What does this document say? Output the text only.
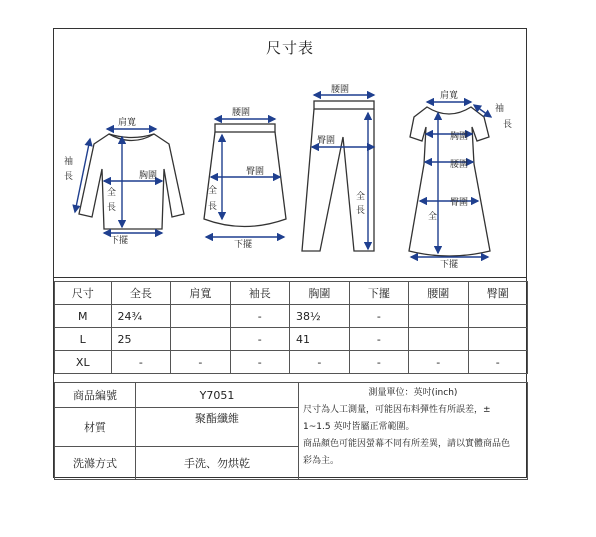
尺寸表
肩寬
袖
長	胸圍
全
長
下擺
腰圍
臀圍
全
長
下擺
腰圍
臀圍
全
長
肩寬
袖
長
胸圍
腰圍
臀圍
全
下擺
尺寸	全長	肩寬	袖長	胸圍	下擺	腰圍	臀圍
M	24¾		-	38½	-		
L	25		-	41	-		
XL	-	-	-	-	-	-	-
商品編號	Y7051	測量單位：英吋(inch)
尺寸為人工測量，可能因布料彈性有所誤差，±
1~1.5 英吋皆屬正常範圍。
商品顏色可能因螢幕不同有所差異，請以實體商品色
彩為主。

材質	聚酯纖維	
洗滌方式	手洗、勿烘乾	
